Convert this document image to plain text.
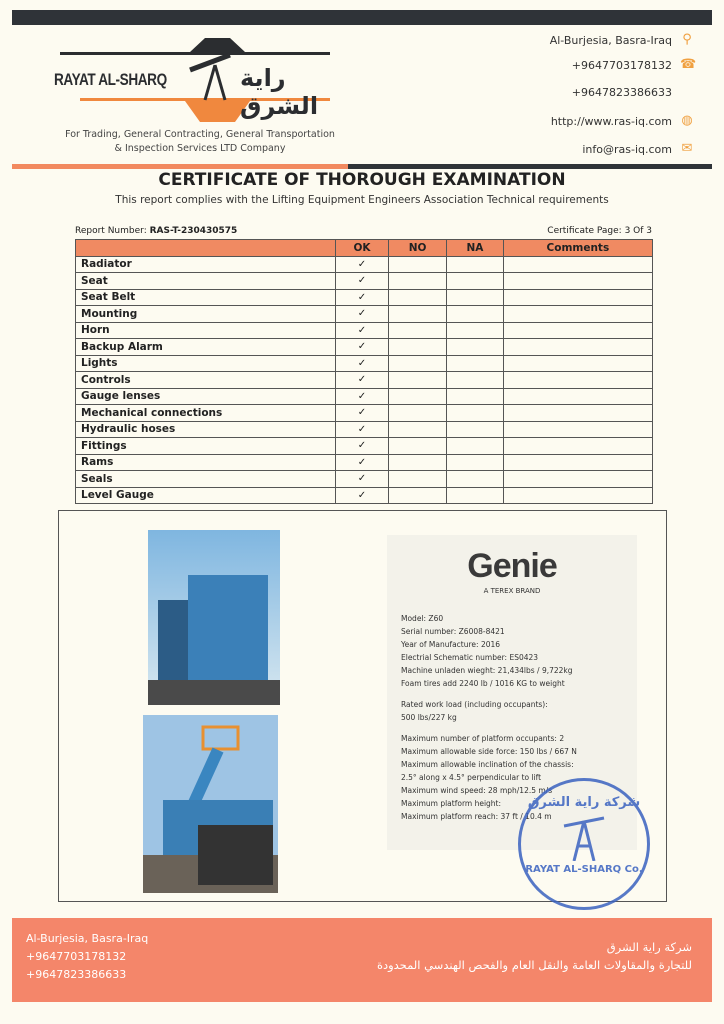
RAYAT AL-SHARQ	راية الشرق
For Trading, General Contracting, General Transportation
& Inspection Services LTD Company
Al-Burjesia, Basra-Iraq ⚲
+9647703178132 ☎
+9647823386633
http://www.ras-iq.com ◍
info@ras-iq.com ✉
CERTIFICATE OF THOROUGH EXAMINATION
This report complies with the Lifting Equipment Engineers Association Technical requirements
Report Number: RAS-T-230430575	Certificate Page: 3 Of 3
	OK	NO	NA	Comments
Radiator	✓			
Seat	✓			
Seat Belt	✓			
Mounting	✓			
Horn	✓			
Backup Alarm	✓			
Lights	✓			
Controls	✓			
Gauge lenses	✓			
Mechanical connections	✓			
Hydraulic hoses	✓			
Fittings	✓			
Rams	✓			
Seals	✓			
Level Gauge	✓			
Genie
A TEREX BRAND
Model: Z60
Serial number: Z6008-8421
Year of Manufacture: 2016
Electrial Schematic number: ES0423
Machine unladen wieght: 21,434lbs / 9,722kg
Foam tires add 2240 lb / 1016 KG to weight
Rated work load (including occupants):
500 lbs/227 kg
Maximum number of platform occupants: 2
Maximum allowable side force: 150 lbs / 667 N
Maximum allowable inclination of the chassis:
2.5° along x 4.5° perpendicular to lift
Maximum wind speed: 28 mph/12.5 m/s
Maximum platform height:
Maximum platform reach: 37 ft / 10.4 m
شركة راية الشرق
RAYAT AL-SHARQ Co.
Al-Burjesia, Basra-Iraq
+9647703178132
+9647823386633
شركة راية الشرق
للتجارة والمقاولات العامة والنقل العام والفحص الهندسي المحدودة
